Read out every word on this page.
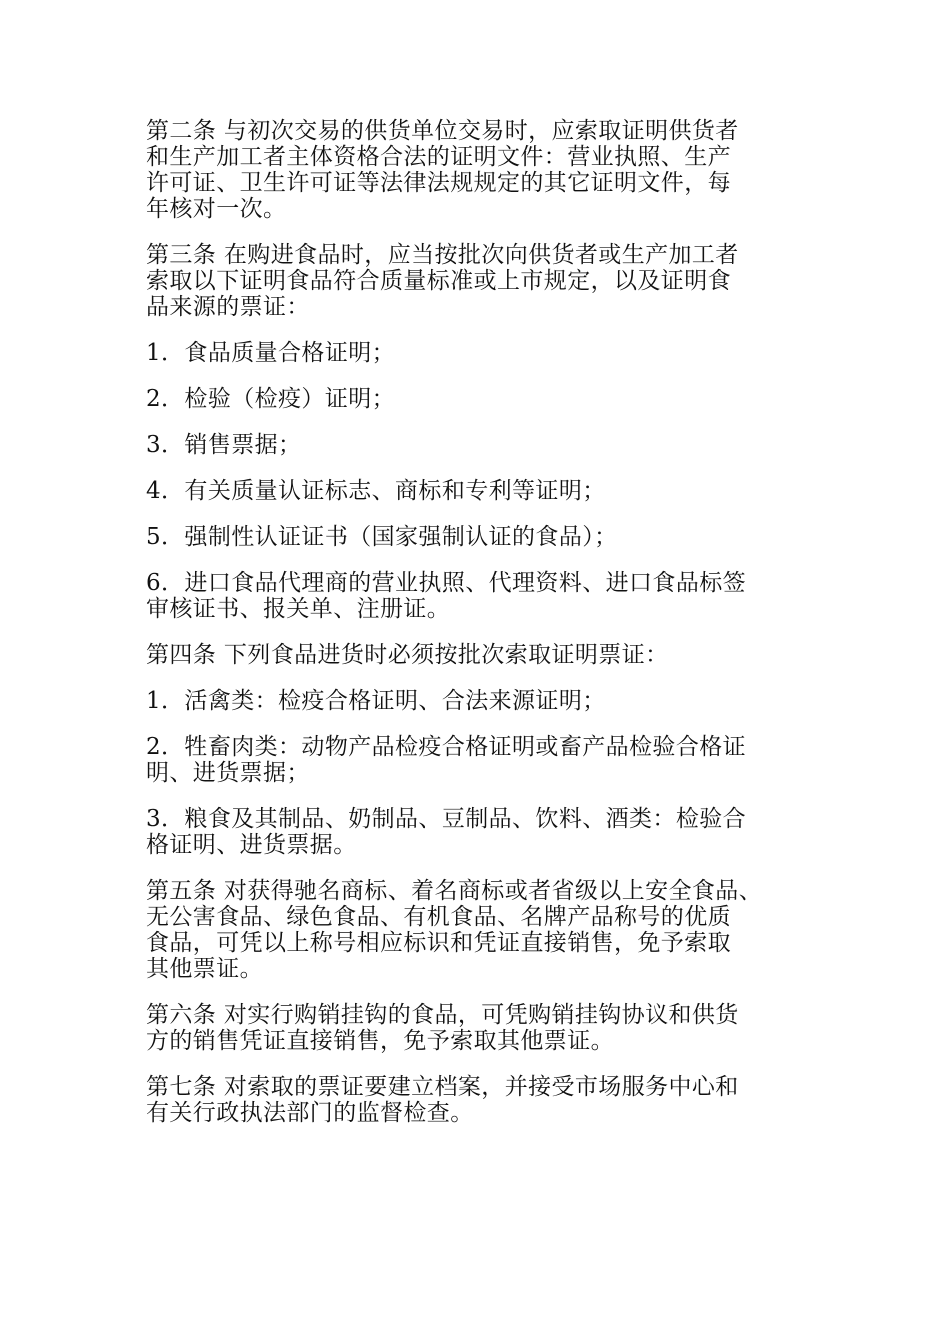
第二条 与初次交易的供货单位交易时，应索取证明供货者
和生产加工者主体资格合法的证明文件：营业执照、生产
许可证、卫生许可证等法律法规规定的其它证明文件，每
年核对一次。

第三条 在购进食品时，应当按批次向供货者或生产加工者
索取以下证明食品符合质量标准或上市规定，以及证明食
品来源的票证：

1．食品质量合格证明；

2．检验（检疫）证明；

3．销售票据；

4．有关质量认证标志、商标和专利等证明；

5．强制性认证证书（国家强制认证的食品）；

6．进口食品代理商的营业执照、代理资料、进口食品标签
审核证书、报关单、注册证。

第四条 下列食品进货时必须按批次索取证明票证：

1．活禽类：检疫合格证明、合法来源证明；

2．牲畜肉类：动物产品检疫合格证明或畜产品检验合格证
明、进货票据；

3．粮食及其制品、奶制品、豆制品、饮料、酒类：检验合
格证明、进货票据。

第五条 对获得驰名商标、着名商标或者省级以上安全食品、
无公害食品、绿色食品、有机食品、名牌产品称号的优质
食品，可凭以上称号相应标识和凭证直接销售，免予索取
其他票证。

第六条 对实行购销挂钩的食品，可凭购销挂钩协议和供货
方的销售凭证直接销售，免予索取其他票证。

第七条 对索取的票证要建立档案，并接受市场服务中心和
有关行政执法部门的监督检查。
